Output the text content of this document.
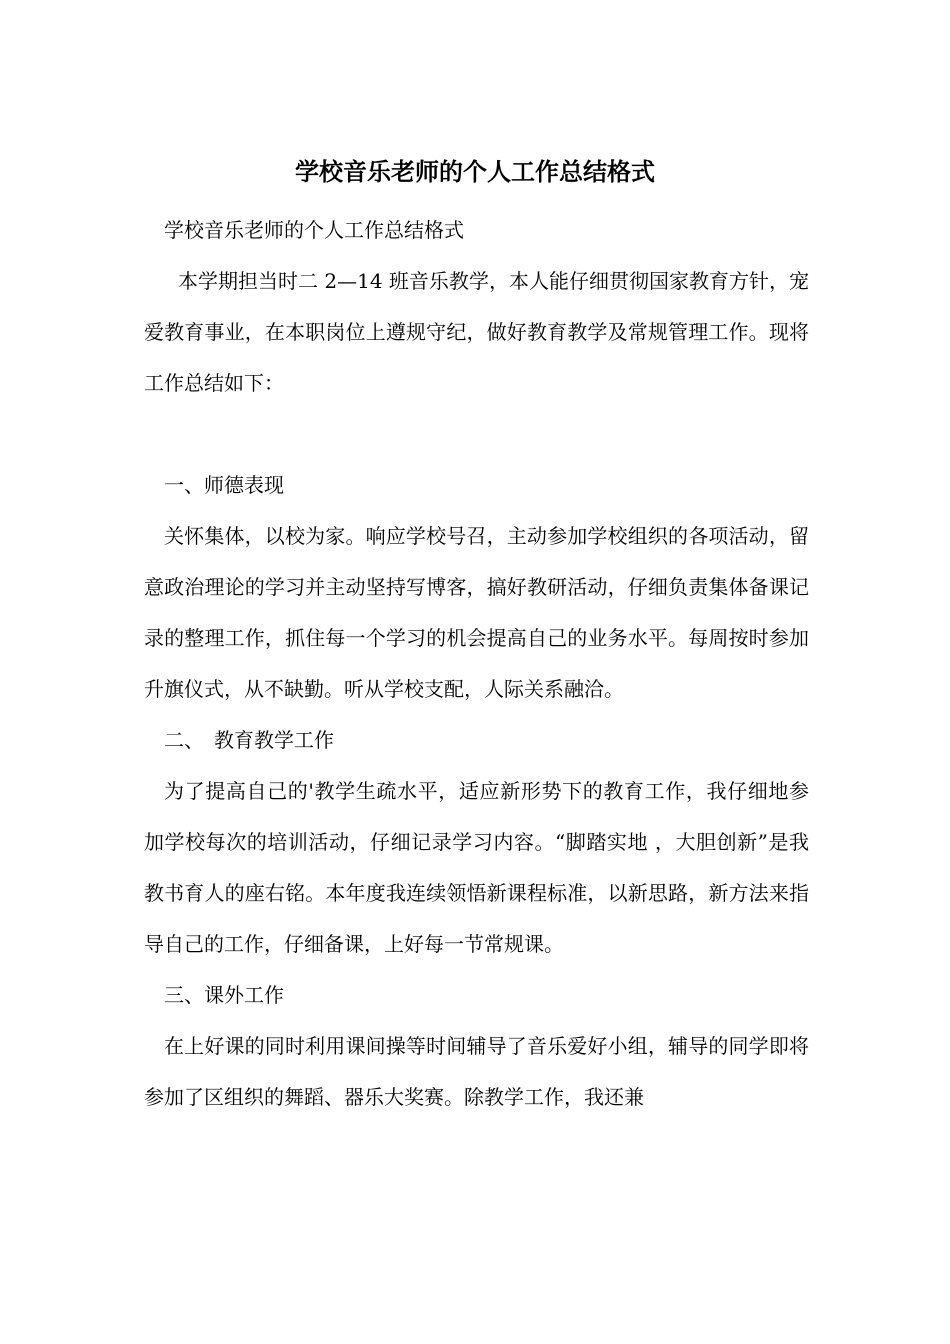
学校音乐老师的个人工作总结格式

学校音乐老师的个人工作总结格式

本学期担当时二 2—14 班音乐教学，本人能仔细贯彻国家教育方针，宠爱教育事业，在本职岗位上遵规守纪，做好教育教学及常规管理工作。现将工作总结如下：

一、师德表现

关怀集体，以校为家。响应学校号召，主动参加学校组织的各项活动，留意政治理论的学习并主动坚持写博客，搞好教研活动，仔细负责集体备课记录的整理工作，抓住每一个学习的机会提高自己的业务水平。每周按时参加升旗仪式，从不缺勤。听从学校支配，人际关系融洽。

二、　教育教学工作

为了提高自己的'教学生疏水平，适应新形势下的教育工作，我仔细地参加学校每次的培训活动，仔细记录学习内容。“脚踏实地 ，大胆创新”是我教书育人的座右铭。本年度我连续领悟新课程标准，以新思路，新方法来指导自己的工作，仔细备课，上好每一节常规课。

三、课外工作

在上好课的同时利用课间操等时间辅导了音乐爱好小组，辅导的同学即将参加了区组织的舞蹈、器乐大奖赛。除教学工作，我还兼
